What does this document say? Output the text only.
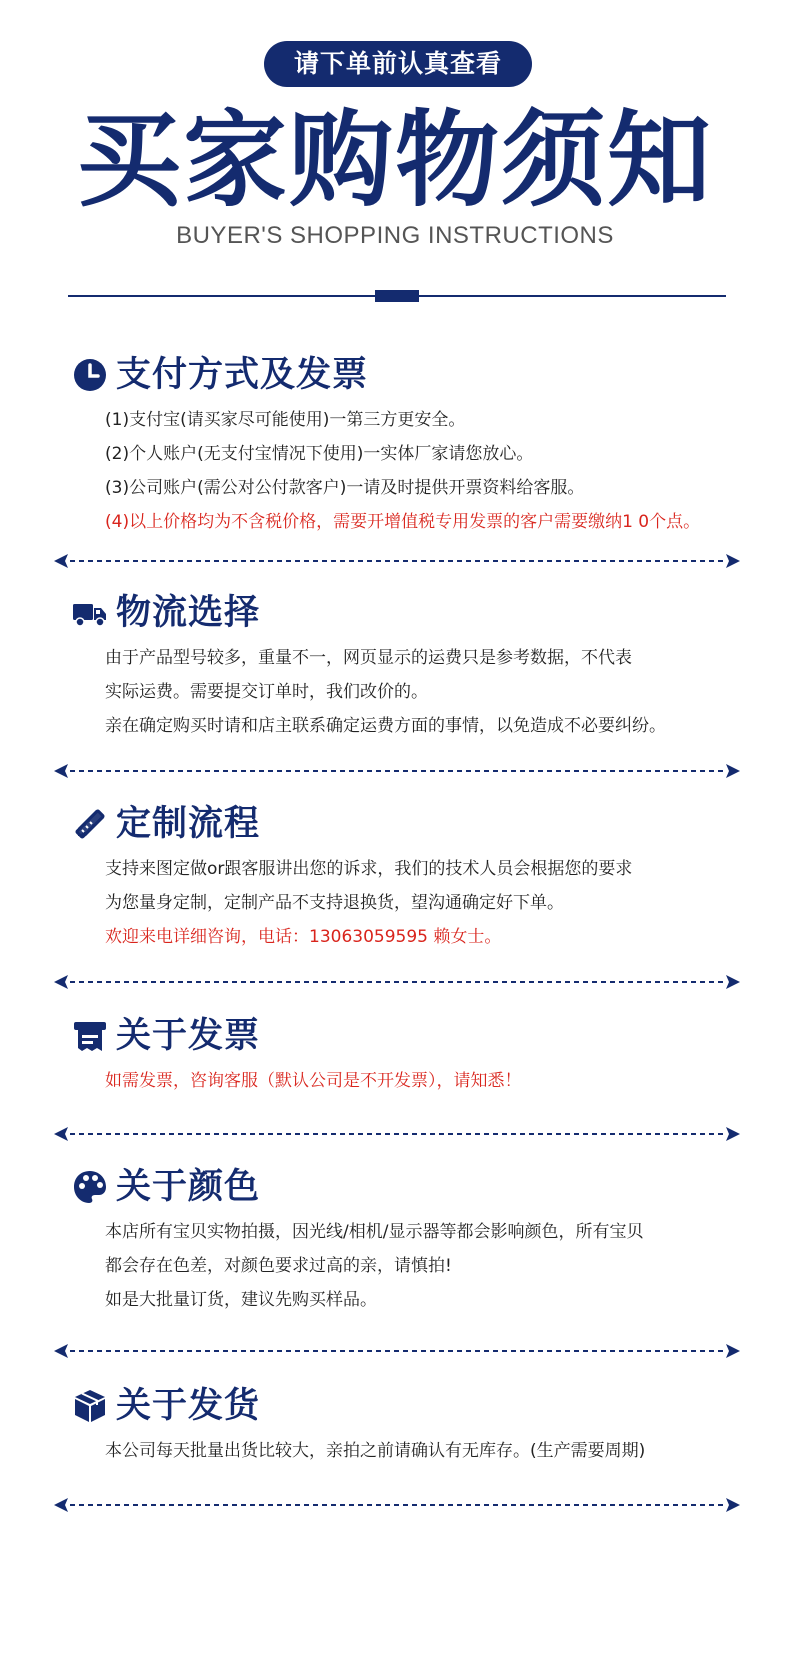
请下单前认真查看
买家购物须知
BUYER'S SHOPPING INSTRUCTIONS
支付方式及发票
(1)支付宝(请买家尽可能使用)一第三方更安全。
(2)个人账户(无支付宝情况下使用)一实体厂家请您放心。
(3)公司账户(需公对公付款客户)一请及时提供开票资料给客服。
(4)以上价格均为不含税价格，需要开增值税专用发票的客户需要缴纳1 0个点。
物流选择
由于产品型号较多，重量不一，网页显示的运费只是参考数据，不代表
实际运费。需要提交订单时，我们改价的。
亲在确定购买时请和店主联系确定运费方面的事情，以免造成不必要纠纷。
定制流程
支持来图定做or跟客服讲出您的诉求，我们的技术人员会根据您的要求
为您量身定制，定制产品不支持退换货，望沟通确定好下单。
欢迎来电详细咨询，电话：13063059595 赖女士。
关于发票
如需发票，咨询客服（默认公司是不开发票），请知悉！
关于颜色
本店所有宝贝实物拍摄，因光线/相机/显示器等都会影响颜色，所有宝贝
都会存在色差，对颜色要求过高的亲，请慎拍!
如是大批量订货，建议先购买样品。
关于发货
本公司每天批量出货比较大，亲拍之前请确认有无库存。(生产需要周期)
